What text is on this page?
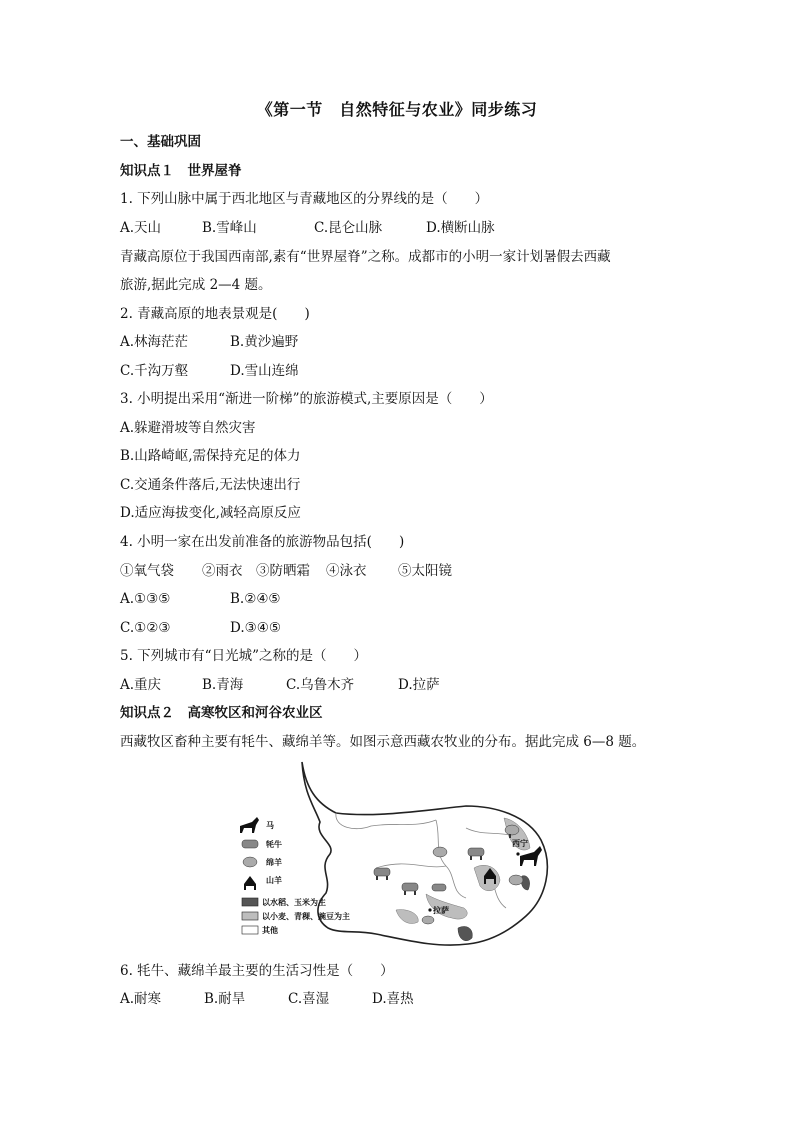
《第一节　自然特征与农业》同步练习
一、基础巩固
知识点１　世界屋脊
1. 下列山脉中属于西北地区与青藏地区的分界线的是（　　）
A.天山	B.雪峰山	C.昆仑山脉	D.横断山脉
青藏高原位于我国西南部,素有“世界屋脊”之称。成都市的小明一家计划暑假去西藏
旅游,据此完成 2—4 题。
2. 青藏高原的地表景观是(　　)
A.林海茫茫	B.黄沙遍野
C.千沟万壑	D.雪山连绵
3. 小明提出采用“渐进一阶梯”的旅游模式,主要原因是（　　）
A.躲避滑坡等自然灾害
B.山路崎岖,需保持充足的体力
C.交通条件落后,无法快速出行
D.适应海拔变化,减轻高原反应
4. 小明一家在出发前准备的旅游物品包括(　　)
①氧气袋 ②雨衣 ③防晒霜 ④泳衣 ⑤太阳镜
A.①③⑤	B.②④⑤
C.①②③	D.③④⑤
5. 下列城市有“日光城”之称的是（　　）
A.重庆	B.青海	C.乌鲁木齐	D.拉萨
知识点２　高寒牧区和河谷农业区
西藏牧区畜种主要有牦牛、藏绵羊等。如图示意西藏农牧业的分布。据此完成 6—8 题。
西宁
拉萨
马
牦牛
绵羊
山羊
以水稻、玉米为主
以小麦、青稞、豌豆为主
其他
6. 牦牛、藏绵羊最主要的生活习性是（　　）
A.耐寒	B.耐旱	C.喜湿	D.喜热
